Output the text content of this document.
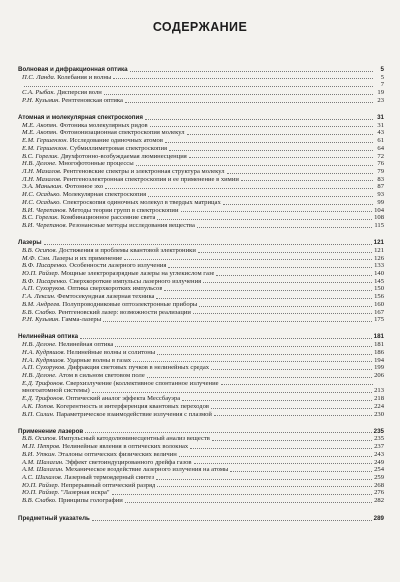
СОДЕРЖАНИЕ
Волновая и дифракционная оптика	5
П.С. Ланда. Колебания и волны	5
7
С.А. Рыбак. Дисперсия волн	19
Р.Н. Кузьмин. Рентгеновская оптика	23
Атомная и молекулярная спектроскопия	31
М.Е. Акопян. Фотоника молекулярных ридов	31
М.Е. Акопян. Фотоионизационная спектроскопия молекул	43
Е.М. Гершензон. Исследование одиночных атомов	61
Е.М. Гершензон. Субмиллиметровая спектроскопия	64
В.С. Горелик. Двухфотонно-возбуждаемая люминесценция	72
Н.В. Делоне. Многофотонные процессы	76
Л.Н. Мазалов. Рентгеновские спектры и электронная структура молекул	79
Л.Н. Мазалов. Рентгеноэлектронная спектроскопия и ее применение в химии	83
Э.А. Маныкин. Фотонное эхо	87
И.С. Осадько. Молекулярная спектроскопия	93
И.С. Осадько. Спектроскопия одиночных молекул в твердых матрицах	99
В.И. Черепанов. Методы теории групп в спектроскопии	104
В.С. Горелик. Комбинационное рассеяние света	108
В.И. Черепанов. Резонансные методы исследования вещества	115
Лазеры	121
В.В. Осипов. Достижения и проблемы квантовой электроники	121
М.Ф. Сэм. Лазеры и их применение	126
В.Ф. Писаренко. Особенности лазерного излучения	133
Ю.П. Райзер. Мощные электроразрядные лазеры на углекислом газе	140
В.Ф. Писаренко. Сверхкороткие импульсы лазерного излучения	145
А.П. Сухоруков. Оптика сверхкоротких импульсов	150
Г.А. Лексин. Фемтосекундная лазерная техника	156
В.М. Андреев. Полупроводниковые оптоэлектронные приборы	160
Б.В. Слабко. Рентгеновский лазер: возможности реализации	167
Р.Н. Кузьмин. Гамма-лазеры	175
Нелинейная оптика	181
Н.В. Делоне. Нелинейная оптика	181
Н.А. Кудряшов. Нелинейные волны и солитоны	186
Н.А. Кудряшов. Ударные волны в газах	194
А.П. Сухоруков. Дифракция световых пучков в нелинейных средах	199
Н.В. Делоне. Атом в сильном световом поле	206
Е.Д. Трифонов. Сверхизлучение (коллективное спонтанное излучение
многоатомной системы)	213
Е.Д. Трифонов. Оптический аналог эффекта Мессбауэра	218
А.К. Попов. Когерентность и интерференция квантовых переходов	224
В.П. Силин. Параметрическое взаимодействие излучения с плазмой	230
Применение лазеров	235
В.В. Осипов. Импульсный катодолюминесцентный анализ веществ	235
М.П. Петров. Нелинейные явления в оптических волокнах	237
В.И. Уткин. Эталоны оптических физических величин	243
А.М. Шалагин. Эффект светоиндуцированного дрейфа газов	249
А.М. Шалагин. Механическое воздействие лазерного излучения на атомы	254
А.С. Шихалов. Лазерный термоядерный синтез	259
Ю.П. Райзер. Непрерывный оптический разряд	268
Ю.П. Райзер. "Лазерная искра"	276
В.В. Слабко. Принципы голографии	282
Предметный указатель	289
